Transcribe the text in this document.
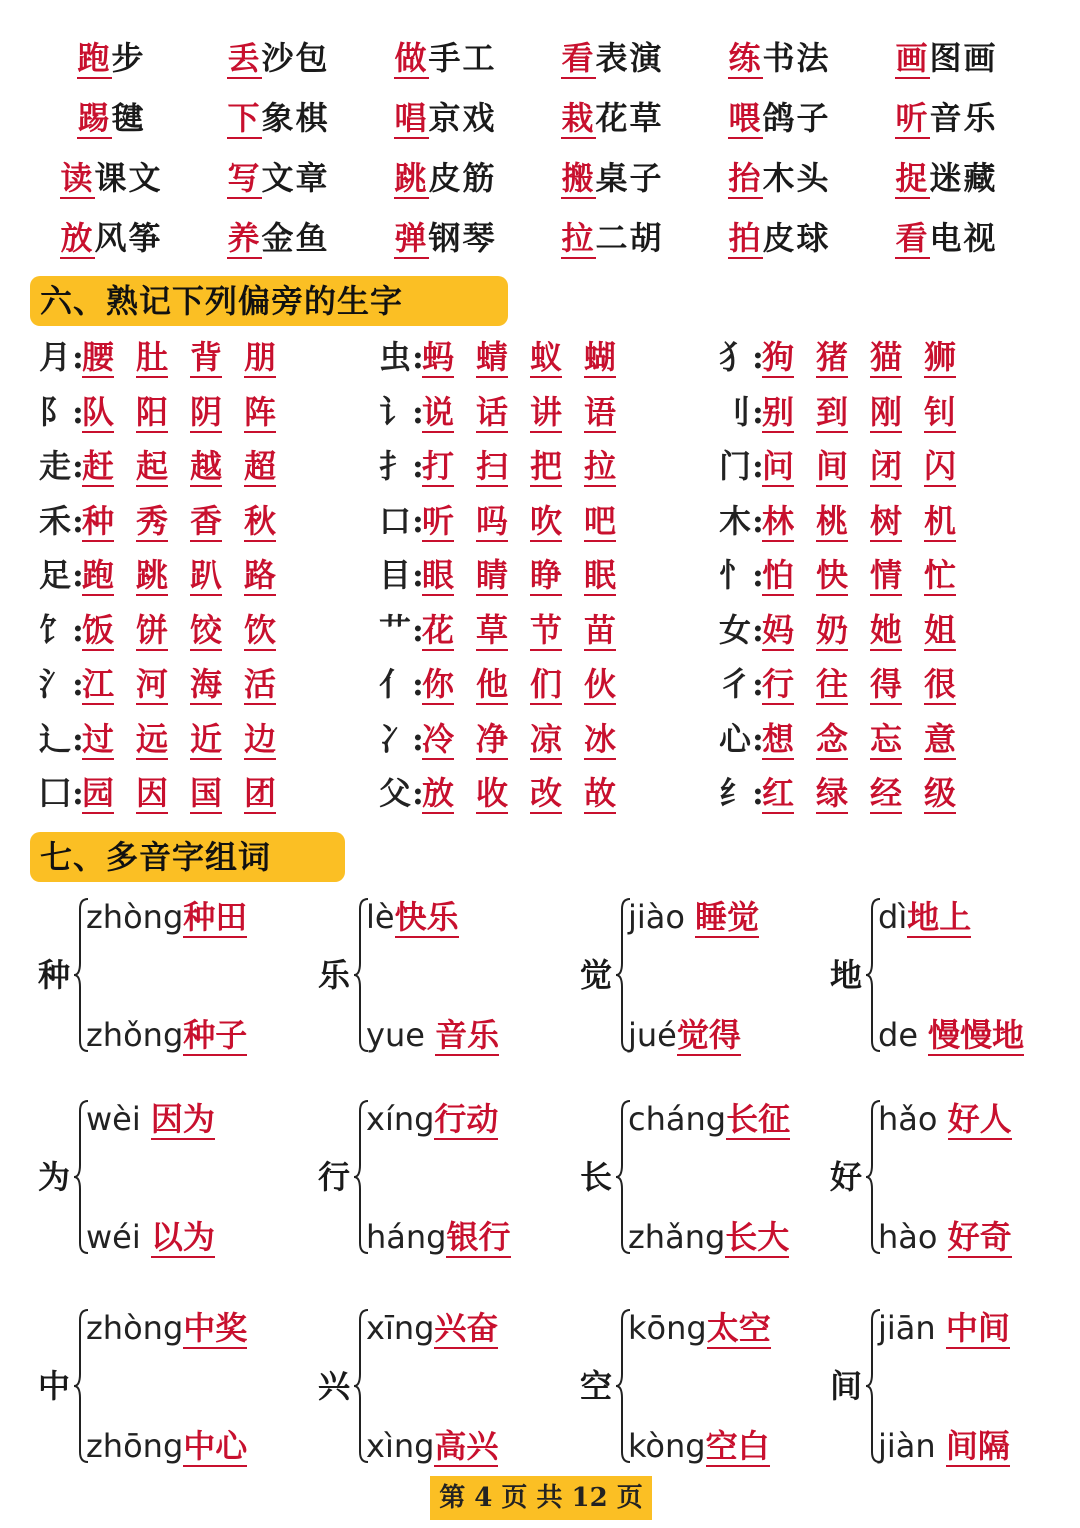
跑步	丢沙包	做手工	看表演	练书法	画图画
踢毽	下象棋	唱京戏	栽花草	喂鸽子	听音乐
读课文	写文章	跳皮筋	搬桌子	抬木头	捉迷藏
放风筝	养金鱼	弹钢琴	拉二胡	拍皮球	看电视
六、熟记下列偏旁的生字
月:腰 肚 背 朋	虫:蚂 蜻 蚁 蝴	犭:狗 猪 猫 狮
阝:队 阳 阴 阵	讠:说 话 讲 语	刂:别 到 刚 钊
走:赶 起 越 超	扌:打 扫 把 拉	门:问 间 闭 闪
禾:种 秀 香 秋	口:听 吗 吹 吧	木:林 桃 树 机
足:跑 跳 趴 路	目:眼 睛 睁 眠	忄:怕 快 情 忙
饣:饭 饼 饺 饮	艹:花 草 节 苗	女:妈 奶 她 姐
氵:江 河 海 活	亻:你 他 们 伙	彳:行 往 得 很
辶:过 远 近 边	冫:冷 净 凉 冰	心:想 念 忘 意
囗:园 因 国 团	父:放 收 改 故	纟:红 绿 经 级
七、多音字组词
种
zhòng种田
zhǒng种子
乐
lè快乐
yue 音乐
觉
jiào 睡觉
jué觉得
地
dì地上
de 慢慢地
为
wèi 因为
wéi 以为
行
xíng行动
háng银行
长
cháng长征
zhǎng长大
好
hǎo 好人
hào 好奇
中
zhòng中奖
zhōng中心
兴
xīng兴奋
xìng高兴
空
kōng太空
kòng空白
间
jiān 中间
jiàn 间隔
第 4 页 共 12 页
